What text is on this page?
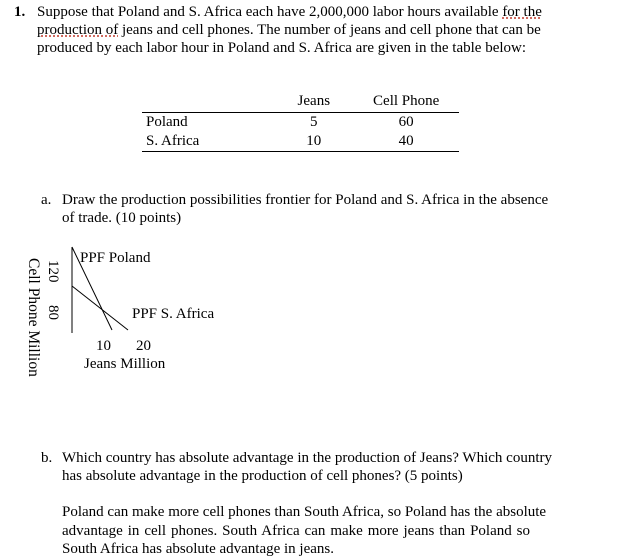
1. Suppose that Poland and S. Africa each have 2,000,000 labor hours available for the
production of jeans and cell phones. The number of jeans and cell phone that can be
produced by each labor hour in Poland and S. Africa are given in the table below:
	Jeans	Cell Phone
Poland	5	60
S. Africa	10	40
a. Draw the production possibilities frontier for Poland and S. Africa in the absence
of trade. (10 points)
PPF Poland
PPF S. Africa
120
80
Cell Phone Million	10 20
Jeans Million
b. Which country has absolute advantage in the production of Jeans? Which country
has absolute advantage in the production of cell phones? (5 points)
Poland can make more cell phones than South Africa, so Poland has the absolute
advantage in cell phones. South Africa can make more jeans than Poland so
South Africa has absolute advantage in jeans.
